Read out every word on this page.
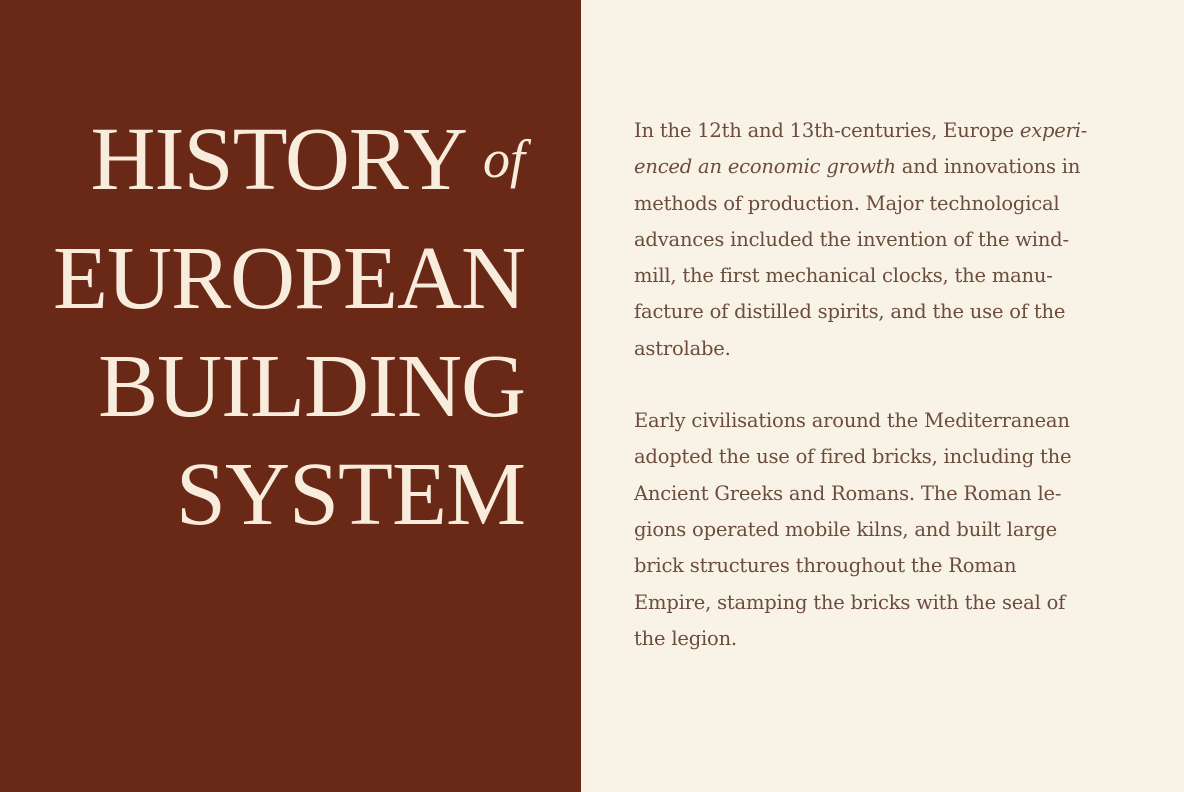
HISTORY of
EUROPEAN
BUILDING
SYSTEM

In the 12th and 13th-centuries, Europe experi-
enced an economic growth and innovations in
methods of production. Major technological
advances included the invention of the wind-
mill, the first mechanical clocks, the manu-
facture of distilled spirits, and the use of the
astrolabe.

Early civilisations around the Mediterranean
adopted the use of fired bricks, including the
Ancient Greeks and Romans. The Roman le-
gions operated mobile kilns, and built large
brick structures throughout the Roman
Empire, stamping the bricks with the seal of
the legion.
